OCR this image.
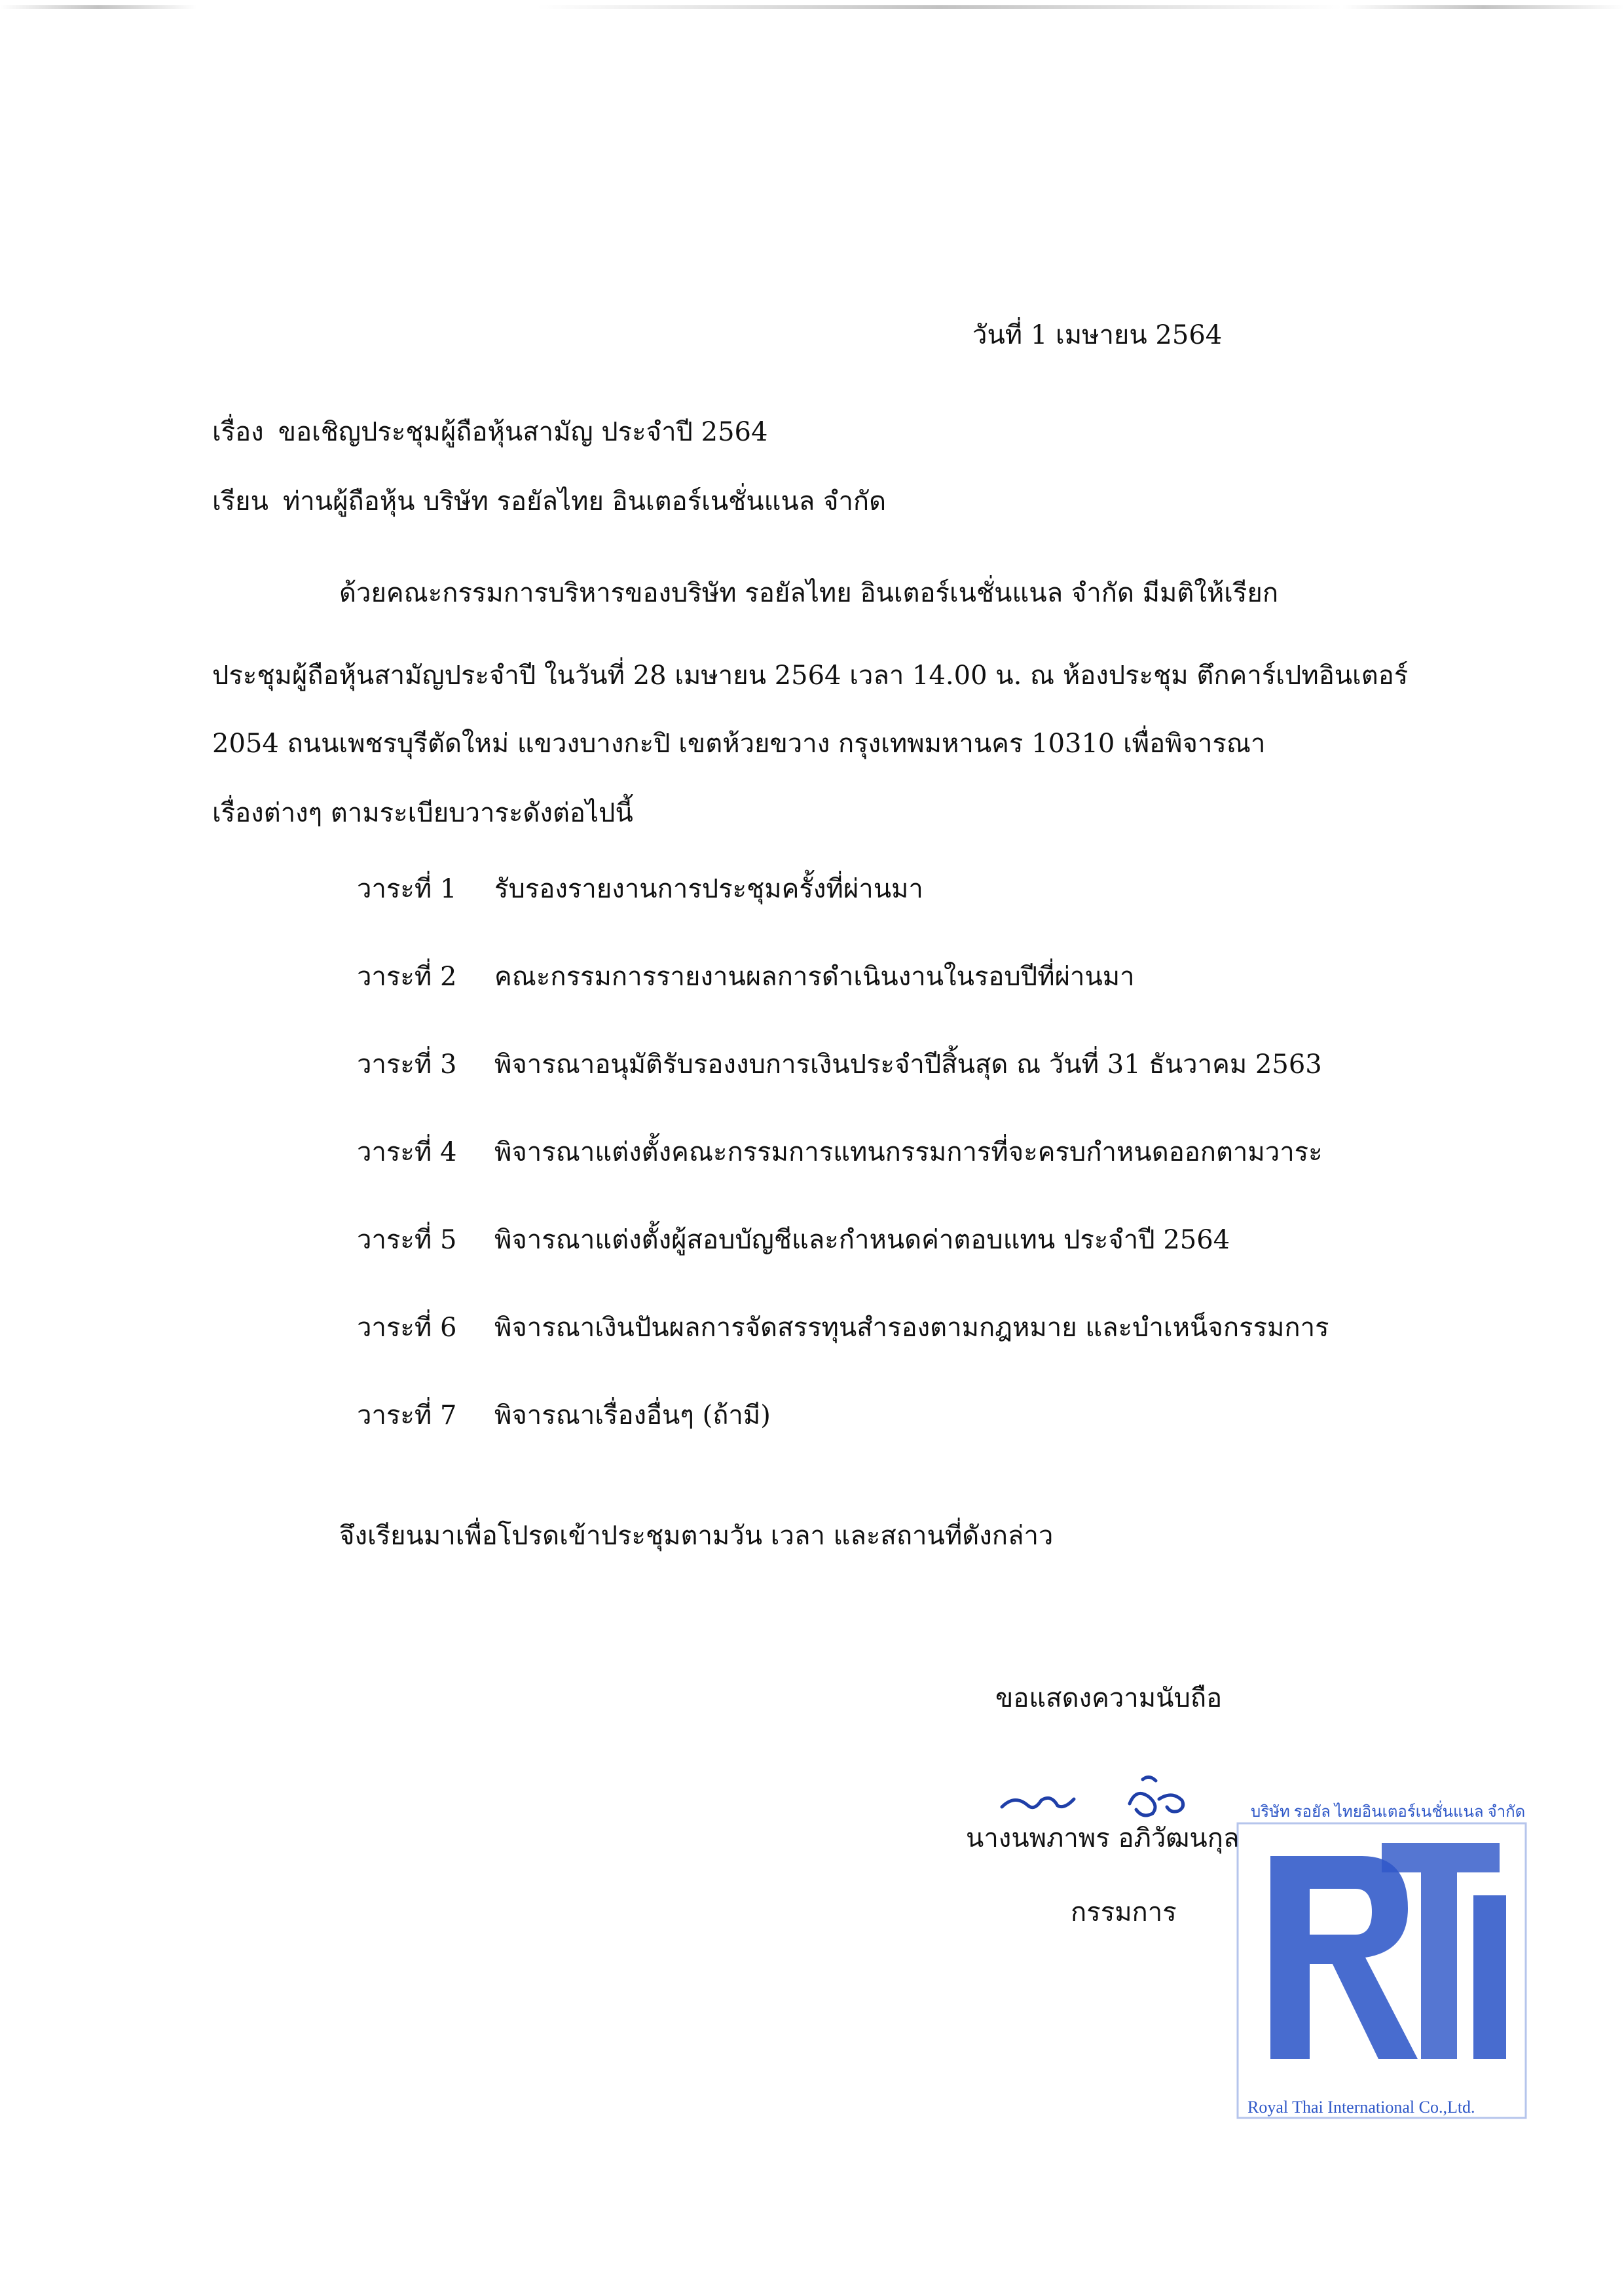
วันที่ 1 เมษายน 2564
เรื่อง ขอเชิญประชุมผู้ถือหุ้นสามัญ ประจำปี 2564
เรียน ท่านผู้ถือหุ้น บริษัท รอยัลไทย อินเตอร์เนชั่นแนล จำกัด
ด้วยคณะกรรมการบริหารของบริษัท รอยัลไทย อินเตอร์เนชั่นแนล จำกัด มีมติให้เรียก
ประชุมผู้ถือหุ้นสามัญประจำปี ในวันที่ 28 เมษายน 2564 เวลา 14.00 น. ณ ห้องประชุม ตึกคาร์เปทอินเตอร์
2054 ถนนเพชรบุรีตัดใหม่ แขวงบางกะปิ เขตห้วยขวาง กรุงเทพมหานคร 10310 เพื่อพิจารณา
เรื่องต่างๆ ตามระเบียบวาระดังต่อไปนี้
วาระที่ 1 รับรองรายงานการประชุมครั้งที่ผ่านมา
วาระที่ 2 คณะกรรมการรายงานผลการดำเนินงานในรอบปีที่ผ่านมา
วาระที่ 3 พิจารณาอนุมัติรับรองงบการเงินประจำปีสิ้นสุด ณ วันที่ 31 ธันวาคม 2563
วาระที่ 4 พิจารณาแต่งตั้งคณะกรรมการแทนกรรมการที่จะครบกำหนดออกตามวาระ
วาระที่ 5 พิจารณาแต่งตั้งผู้สอบบัญชีและกำหนดค่าตอบแทน ประจำปี 2564
วาระที่ 6 พิจารณาเงินปันผลการจัดสรรทุนสำรองตามกฎหมาย และบำเหน็จกรรมการ
วาระที่ 7 พิจารณาเรื่องอื่นๆ (ถ้ามี)
จึงเรียนมาเพื่อโปรดเข้าประชุมตามวัน เวลา และสถานที่ดังกล่าว
ขอแสดงความนับถือ
นางนพภาพร อภิวัฒนกุล
กรรมการ
บริษัท รอยัล ไทยอินเตอร์เนชั่นแนล จำกัด
Royal Thai International Co.,Ltd.
